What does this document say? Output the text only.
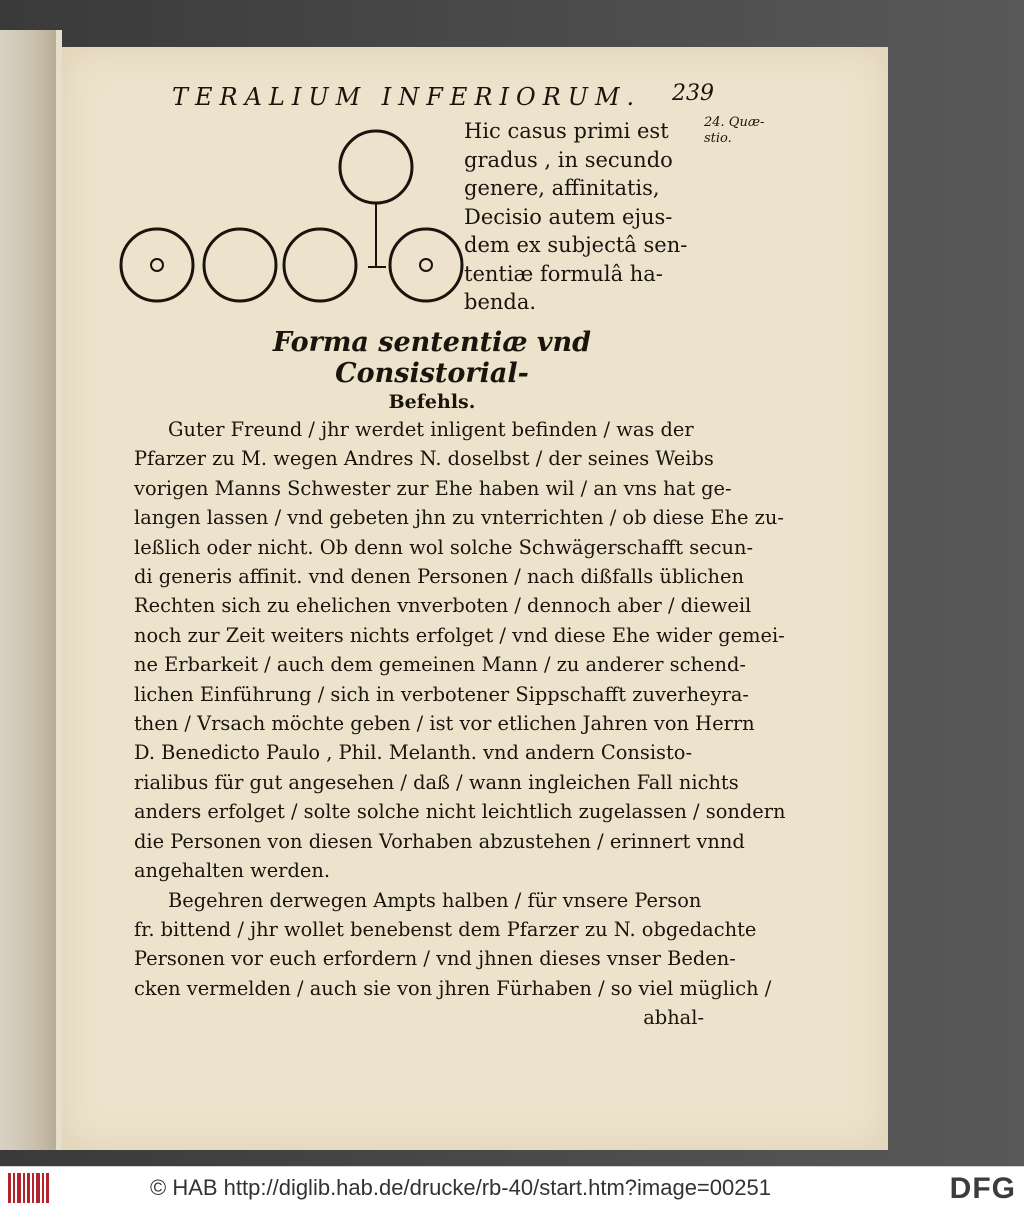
TERALIUM INFERIORUM.	239
24. Quæ-stio.
Hic casus primi est
gradus , in secundo
genere, affinitatis,
Decisio autem ejus-
dem ex subjectâ sen-
tentiæ formulâ ha-
benda.
Forma sententiæ vnd Consistorial-
Befehls.
Guter Freund / jhr werdet inligent befinden / was der
Pfarzer zu M. wegen Andres N. doselbst / der seines Weibs
vorigen Manns Schwester zur Ehe haben wil / an vns hat ge-
langen lassen / vnd gebeten jhn zu vnterrichten / ob diese Ehe zu-
leßlich oder nicht. Ob denn wol solche Schwägerschafft secun-
di generis affinit. vnd denen Personen / nach dißfalls üblichen
Rechten sich zu ehelichen vnverboten / dennoch aber / dieweil
noch zur Zeit weiters nichts erfolget / vnd diese Ehe wider gemei-
ne Erbarkeit / auch dem gemeinen Mann / zu anderer schend-
lichen Einführung / sich in verbotener Sippschafft zuverheyra-
then / Vrsach möchte geben / ist vor etlichen Jahren von Herrn
D. Benedicto Paulo , Phil. Melanth. vnd andern Consisto-
rialibus für gut angesehen / daß / wann ingleichen Fall nichts
anders erfolget / solte solche nicht leichtlich zugelassen / sondern
die Personen von diesen Vorhaben abzustehen / erinnert vnnd
angehalten werden.
Begehren derwegen Ampts halben / für vnsere Person
fr. bittend / jhr wollet benebenst dem Pfarzer zu N. obgedachte
Personen vor euch erfordern / vnd jhnen dieses vnser Beden-
cken vermelden / auch sie von jhren Fürhaben / so viel müglich /
abhal-
© HAB http://diglib.hab.de/drucke/rb-40/start.htm?image=00251	DFG
